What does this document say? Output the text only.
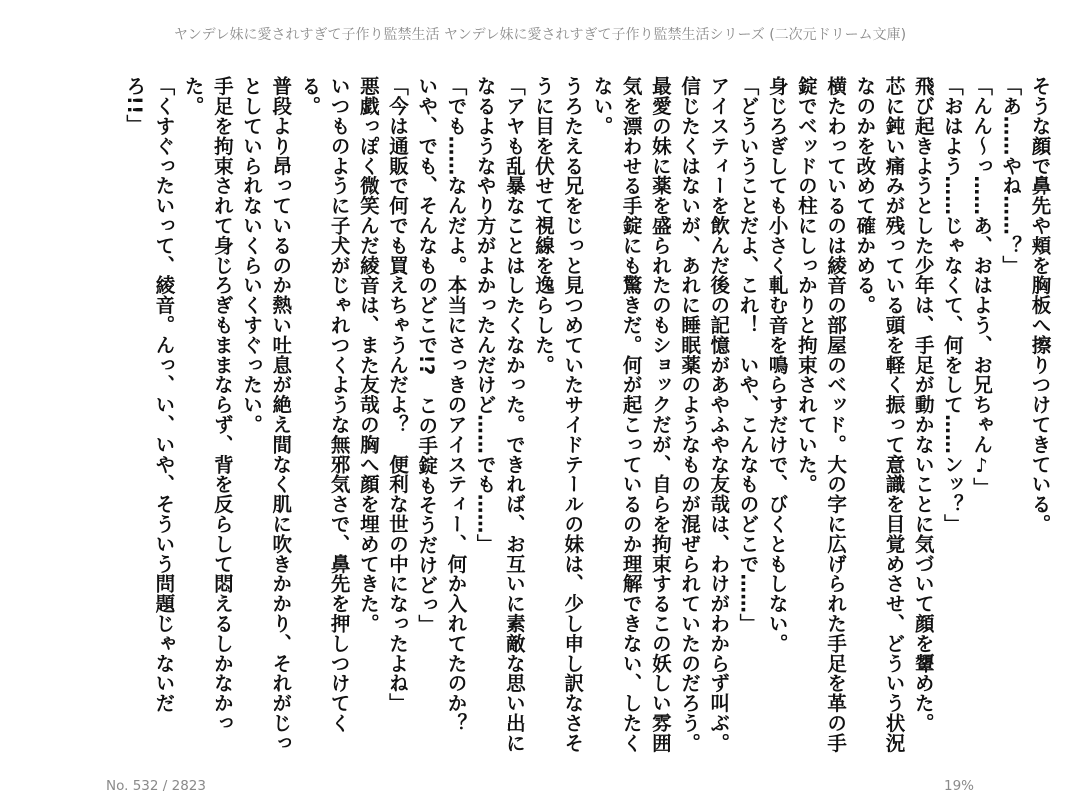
ヤンデレ妹に愛されすぎて子作り監禁生活 ヤンデレ妹に愛されすぎて子作り監禁生活シリーズ (二次元ドリーム文庫)

そうな顔で鼻先や頬を胸板へ擦りつけてきている。

「あ……やね……？」

「んん～っ……あ、おはよう、お兄ちゃん♪」

「おはよう……じゃなくて、何をして……ンッ？」

飛び起きようとした少年は、手足が動かないことに気づいて顔を顰めた。

芯に鈍い痛みが残っている頭を軽く振って意識を目覚めさせ、どういう状況なのかを改めて確かめる。

横たわっているのは綾音の部屋のベッド。大の字に広げられた手足を革の手錠でベッドの柱にしっかりと拘束されていた。

身じろぎしても小さく軋む音を鳴らすだけで、びくともしない。

「どういうことだよ、これ！　いや、こんなものどこで……」

アイスティーを飲んだ後の記憶があやふやな友哉は、わけがわからず叫ぶ。

信じたくはないが、あれに睡眠薬のようなものが混ぜられていたのだろう。

最愛の妹に薬を盛られたのもショックだが、自らを拘束するこの妖しい雰囲気を漂わせる手錠にも驚きだ。何が起こっているのか理解できない、したくない。

うろたえる兄をじっと見つめていたサイドテールの妹は、少し申し訳なさそうに目を伏せて視線を逸らした。

「アヤも乱暴なことはしたくなかった。できれば、お互いに素敵な思い出になるようなやり方がよかったんだけど……でも……」

「でも……なんだよ。本当にさっきのアイスティー、何か入れてたのか？　いや、でも、そんなものどこで!?　この手錠もそうだけどっ」

「今は通販で何でも買えちゃうんだよ？　便利な世の中になったよね」

悪戯っぽく微笑んだ綾音は、また友哉の胸へ顔を埋めてきた。

いつものように子犬がじゃれつくような無邪気さで、鼻先を押しつけてくる。

普段より昂っているのか熱い吐息が絶え間なく肌に吹きかかり、それがじっとしていられないくらいくすぐったい。

手足を拘束されて身じろぎもままならず、背を反らして悶えるしかなかった。

「くすぐったいって、綾音。んっ、い、いや、そういう問題じゃないだろ!!」

No. 532 / 2823	19%
